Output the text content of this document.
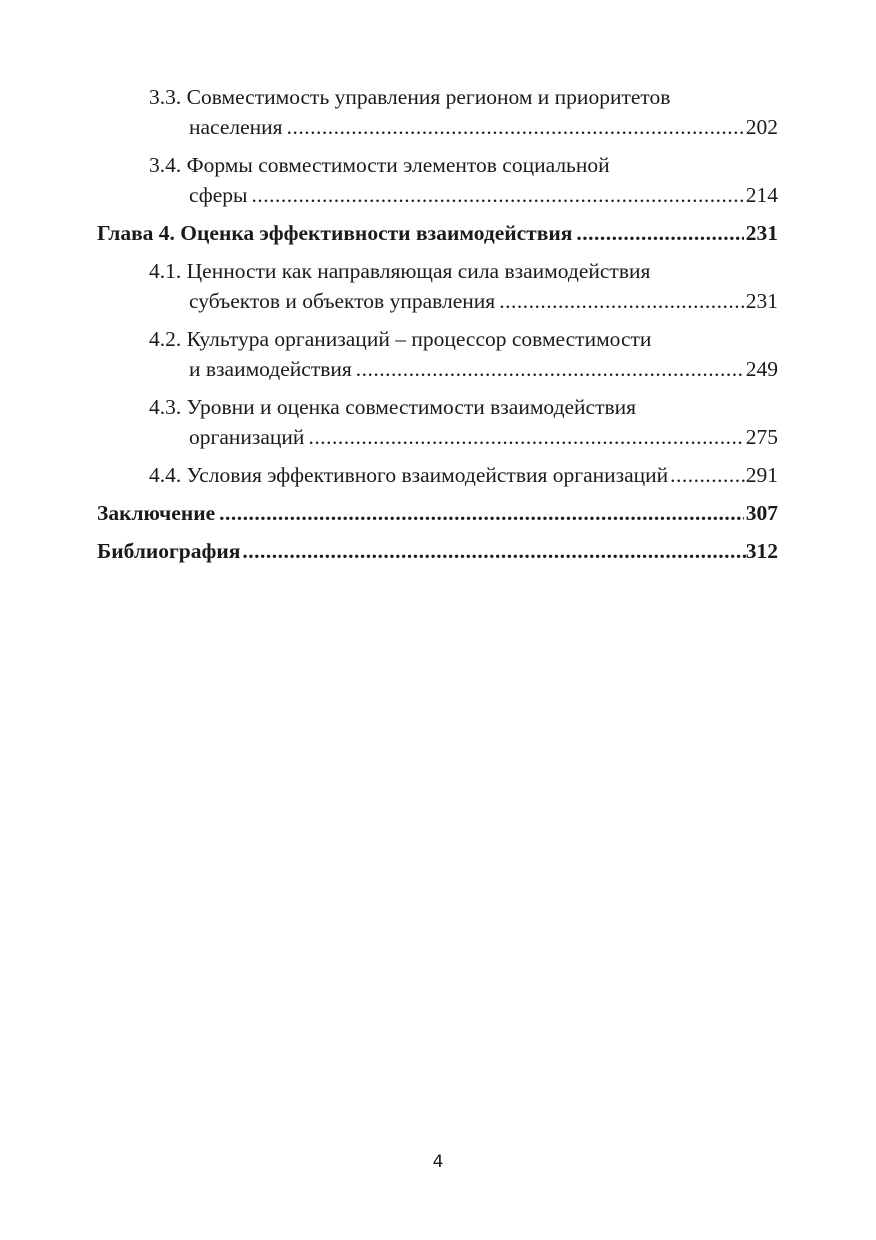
3.3. Совместимость управления регионом и приоритетов
населения .....	202
3.4. Формы совместимости элементов социальной
сферы .....	214
Глава 4. Оценка эффективности взаимодействия .....	231
4.1. Ценности как направляющая сила взаимодействия
субъектов и объектов управления .....	231
4.2. Культура организаций – процессор совместимости
и взаимодействия .....	249
4.3. Уровни и оценка совместимости взаимодействия
организаций .....	275
4.4. Условия эффективного взаимодействия организаций .....	291
Заключение .....	307
Библиография .....	312
4
